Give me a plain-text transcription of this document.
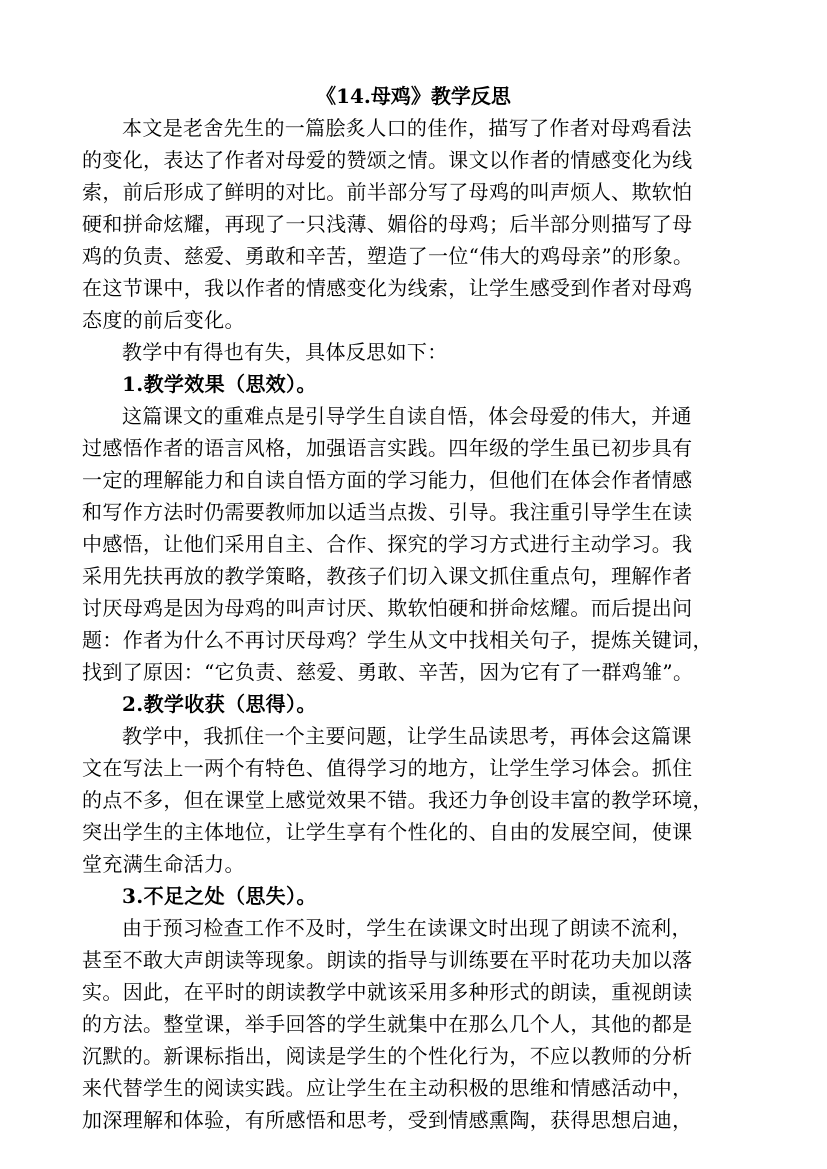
《14.母鸡》教学反思
本文是老舍先生的一篇脍炙人口的佳作，描写了作者对母鸡看法
的变化，表达了作者对母爱的赞颂之情。课文以作者的情感变化为线
索，前后形成了鲜明的对比。前半部分写了母鸡的叫声烦人、欺软怕
硬和拼命炫耀，再现了一只浅薄、媚俗的母鸡；后半部分则描写了母
鸡的负责、慈爱、勇敢和辛苦，塑造了一位“伟大的鸡母亲”的形象。
在这节课中，我以作者的情感变化为线索，让学生感受到作者对母鸡
态度的前后变化。
教学中有得也有失，具体反思如下：
1.教学效果（思效）。
这篇课文的重难点是引导学生自读自悟，体会母爱的伟大，并通
过感悟作者的语言风格，加强语言实践。四年级的学生虽已初步具有
一定的理解能力和自读自悟方面的学习能力，但他们在体会作者情感
和写作方法时仍需要教师加以适当点拨、引导。我注重引导学生在读
中感悟，让他们采用自主、合作、探究的学习方式进行主动学习。我
采用先扶再放的教学策略，教孩子们切入课文抓住重点句，理解作者
讨厌母鸡是因为母鸡的叫声讨厌、欺软怕硬和拼命炫耀。而后提出问
题：作者为什么不再讨厌母鸡？学生从文中找相关句子，提炼关键词，
找到了原因：“它负责、慈爱、勇敢、辛苦，因为它有了一群鸡雏”。
2.教学收获（思得）。
教学中，我抓住一个主要问题，让学生品读思考，再体会这篇课
文在写法上一两个有特色、值得学习的地方，让学生学习体会。抓住
的点不多，但在课堂上感觉效果不错。我还力争创设丰富的教学环境，
突出学生的主体地位，让学生享有个性化的、自由的发展空间，使课
堂充满生命活力。
3.不足之处（思失）。
由于预习检查工作不及时，学生在读课文时出现了朗读不流利，
甚至不敢大声朗读等现象。朗读的指导与训练要在平时花功夫加以落
实。因此，在平时的朗读教学中就该采用多种形式的朗读，重视朗读
的方法。整堂课，举手回答的学生就集中在那么几个人，其他的都是
沉默的。新课标指出，阅读是学生的个性化行为，不应以教师的分析
来代替学生的阅读实践。应让学生在主动积极的思维和情感活动中，
加深理解和体验，有所感悟和思考，受到情感熏陶，获得思想启迪，
